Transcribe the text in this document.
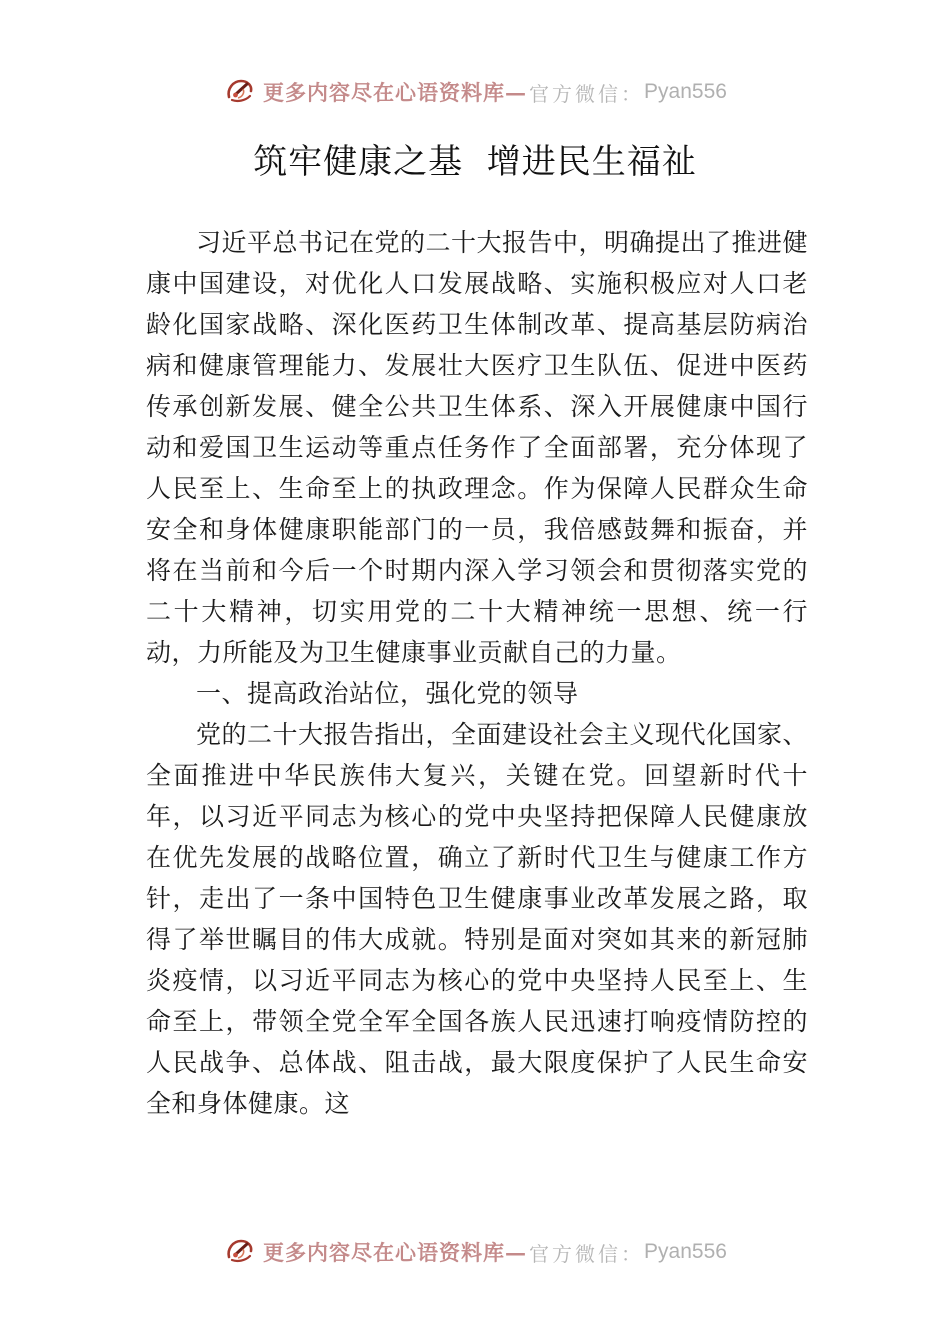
更多内容尽在心语资料库— 官方微信： Pyan556
筑牢健康之基  增进民生福祉

习近平总书记在党的二十大报告中，明确提出了推进健康中国建设，对优化人口发展战略、实施积极应对人口老龄化国家战略、深化医药卫生体制改革、提高基层防病治病和健康管理能力、发展壮大医疗卫生队伍、促进中医药传承创新发展、健全公共卫生体系、深入开展健康中国行动和爱国卫生运动等重点任务作了全面部署，充分体现了人民至上、生命至上的执政理念。作为保障人民群众生命安全和身体健康职能部门的一员，我倍感鼓舞和振奋，并将在当前和今后一个时期内深入学习领会和贯彻落实党的二十大精神，切实用党的二十大精神统一思想、统一行动，力所能及为卫生健康事业贡献自己的力量。

一、提高政治站位，强化党的领导

党的二十大报告指出，全面建设社会主义现代化国家、全面推进中华民族伟大复兴，关键在党。回望新时代十年，以习近平同志为核心的党中央坚持把保障人民健康放在优先发展的战略位置，确立了新时代卫生与健康工作方针，走出了一条中国特色卫生健康事业改革发展之路，取得了举世瞩目的伟大成就。特别是面对突如其来的新冠肺炎疫情，以习近平同志为核心的党中央坚持人民至上、生命至上，带领全党全军全国各族人民迅速打响疫情防控的人民战争、总体战、阻击战，最大限度保护了人民生命安全和身体健康。这

更多内容尽在心语资料库— 官方微信： Pyan556
